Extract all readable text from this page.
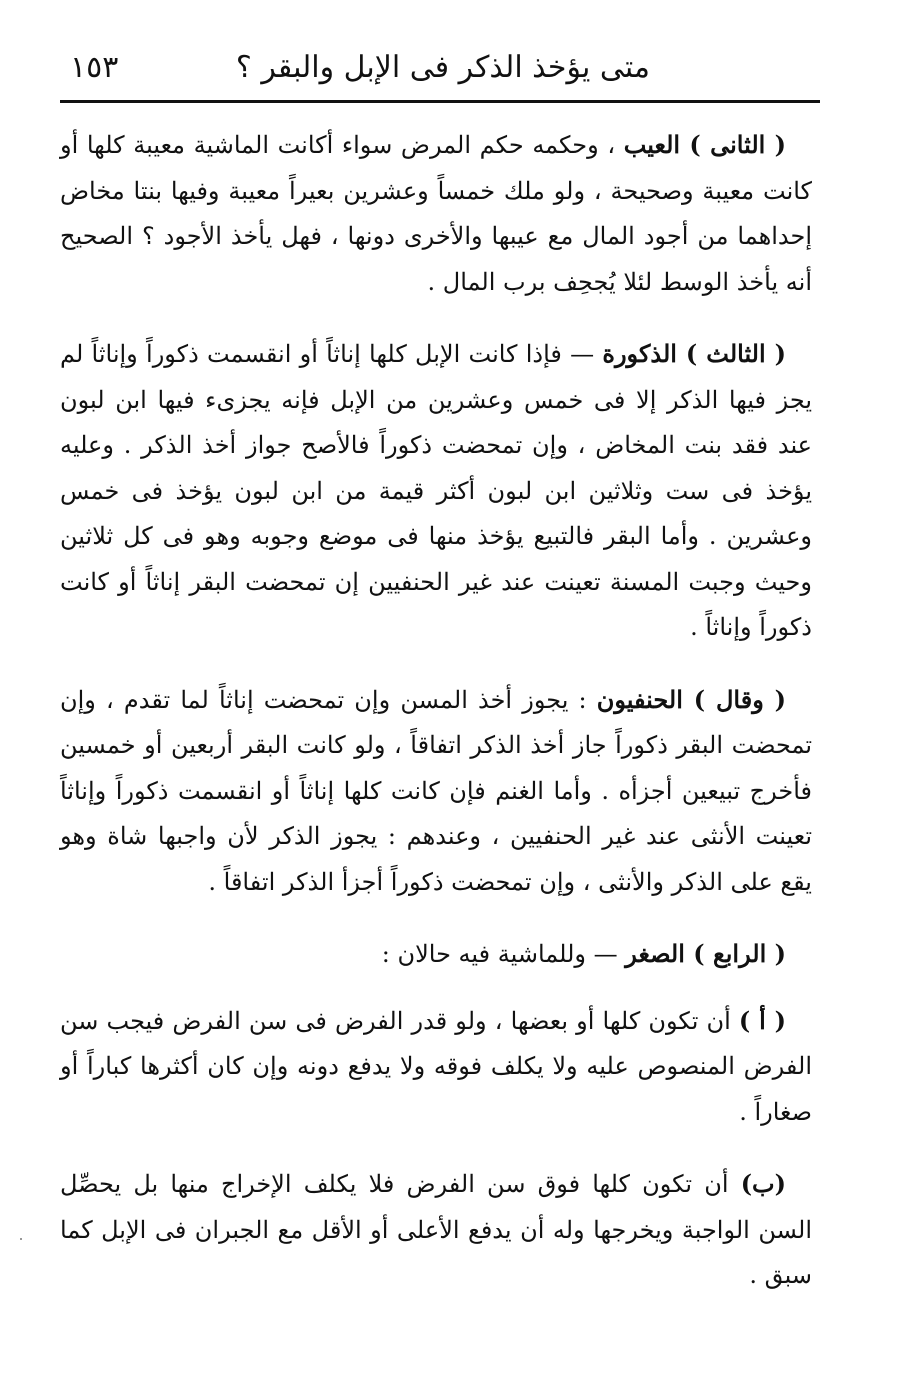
متى يؤخذ الذكر فى الإبل والبقر ؟
١٥٣

( الثانى ) العيب ، وحكمه حكم المرض سواء أكانت الماشية معيبة كلها أو كانت معيبة وصحيحة ، ولو ملك خمساً وعشرين بعيراً معيبة وفيها بنتا مخاض إحداهما من أجود المال مع عيبها والأخرى دونها ، فهل يأخذ الأجود ؟ الصحيح أنه يأخذ الوسط لئلا يُجحِف برب المال .

( الثالث ) الذكورة — فإذا كانت الإبل كلها إناثاً أو انقسمت ذكوراً وإناثاً لم يجز فيها الذكر إلا فى خمس وعشرين من الإبل فإنه يجزىء فيها ابن لبون عند فقد بنت المخاض ، وإن تمحضت ذكوراً فالأصح جواز أخذ الذكر . وعليه يؤخذ فى ست وثلاثين ابن لبون أكثر قيمة من ابن لبون يؤخذ فى خمس وعشرين . وأما البقر فالتبيع يؤخذ منها فى موضع وجوبه وهو فى كل ثلاثين وحيث وجبت المسنة تعينت عند غير الحنفيين إن تمحضت البقر إناثاً أو كانت ذكوراً وإناثاً .

( وقال ) الحنفيون : يجوز أخذ المسن وإن تمحضت إناثاً لما تقدم ، وإن تمحضت البقر ذكوراً جاز أخذ الذكر اتفاقاً ، ولو كانت البقر أربعين أو خمسين فأخرج تبيعين أجزأه . وأما الغنم فإن كانت كلها إناثاً أو انقسمت ذكوراً وإناثاً تعينت الأنثى عند غير الحنفيين ، وعندهم : يجوز الذكر لأن واجبها شاة وهو يقع على الذكر والأنثى ، وإن تمحضت ذكوراً أجزأ الذكر اتفاقاً .

( الرابع ) الصغر — وللماشية فيه حالان :

( أ ) أن تكون كلها أو بعضها ، ولو قدر الفرض فى سن الفرض فيجب سن الفرض المنصوص عليه ولا يكلف فوقه ولا يدفع دونه وإن كان أكثرها كباراً أو صغاراً .

(ب) أن تكون كلها فوق سن الفرض فلا يكلف الإخراج منها بل يحصِّل السن الواجبة ويخرجها وله أن يدفع الأعلى أو الأقل مع الجبران فى الإبل كما سبق .
